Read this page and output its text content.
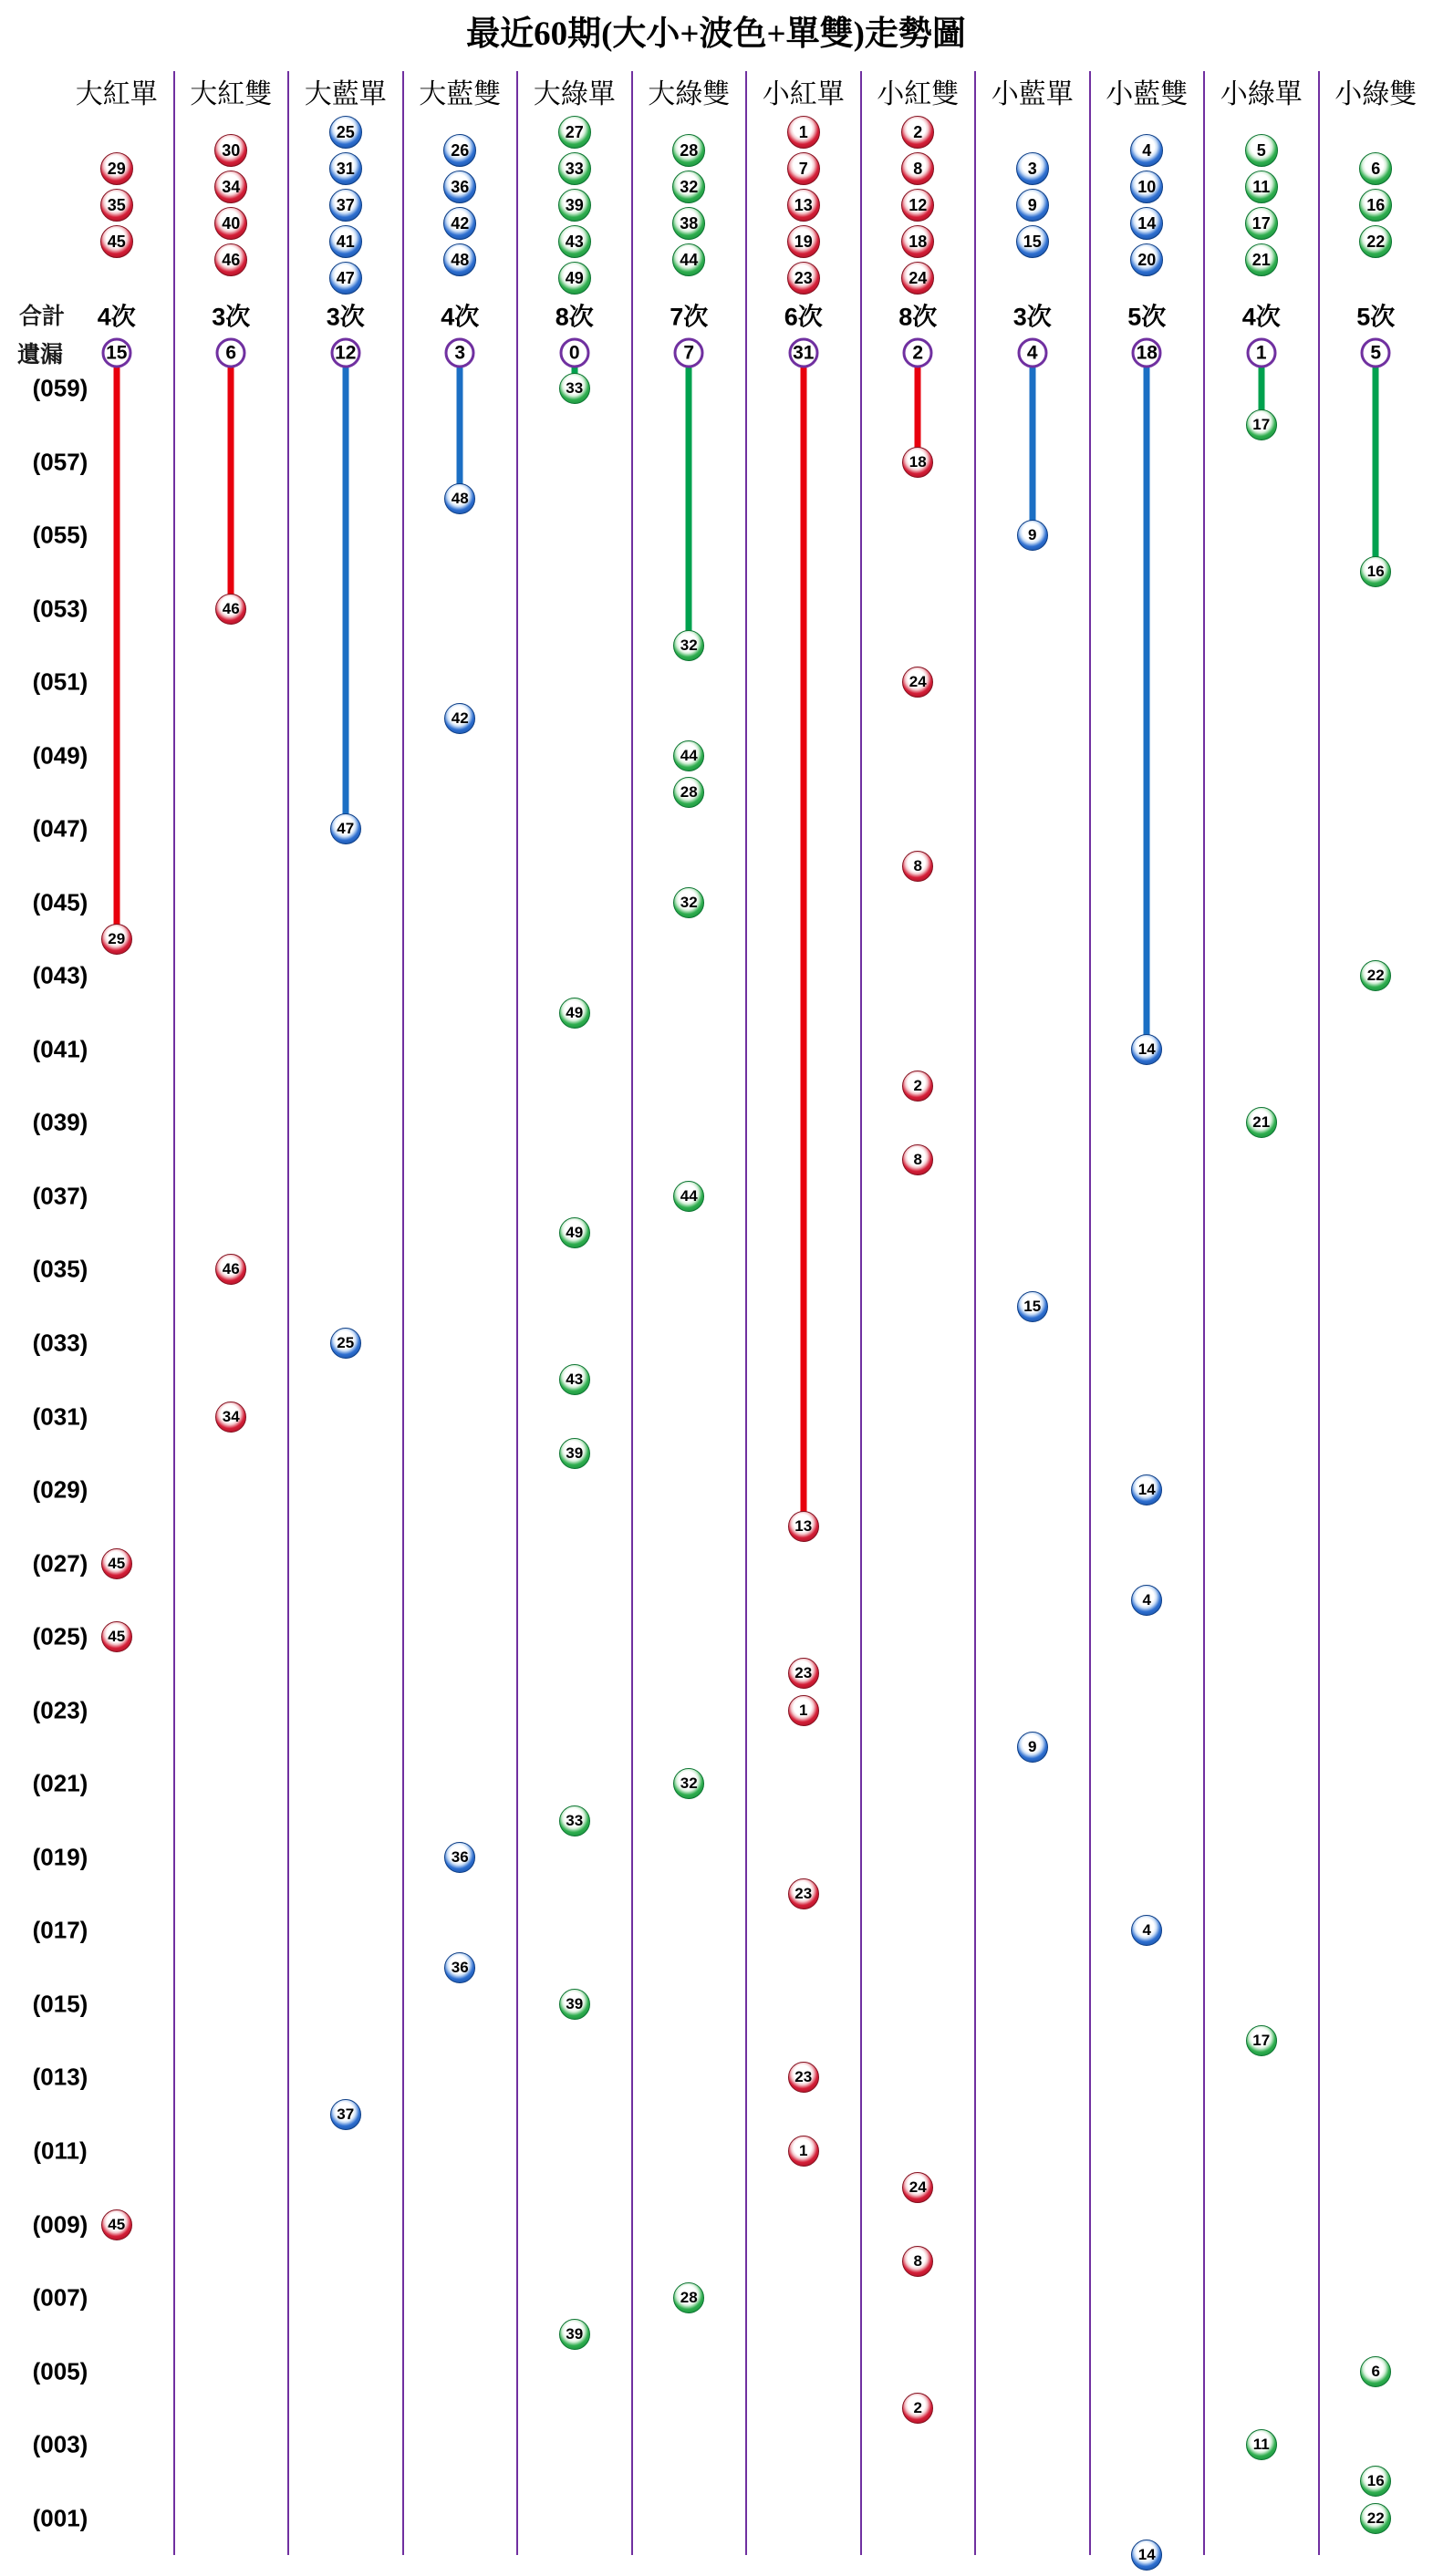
最近60期(大小+波色+單雙)走勢圖
合計
遺漏
(059)
(057)
(055)
(053)
(051)
(049)
(047)
(045)
(043)
(041)
(039)
(037)
(035)
(033)
(031)
(029)
(027)
(025)
(023)
(021)
(019)
(017)
(015)
(013)
(011)
(009)
(007)
(005)
(003)
(001)
大紅單
29
35
45
4次
15
29
45
45
45
大紅雙
30
34
40
46
3次
6
46
46
34
大藍單
25
31
37
41
47
3次
12
47
25
37
大藍雙
26
36
42
48
4次
3
48
42
36
36
大綠單
27
33
39
43
49
8次
0
33
49
49
43
39
33
39
39
大綠雙
28
32
38
44
7次
7
32
44
28
32
44
32
28
小紅單
1
7
13
19
23
6次
31
13
23
1
23
23
1
小紅雙
2
8
12
18
24
8次
2
18
24
8
2
8
24
8
2
小藍單
3
9
15
3次
4
9
15
9
小藍雙
4
10
14
20
5次
18
14
14
4
4
14
小綠單
5
11
17
21
4次
1
17
21
17
11
小綠雙
6
16
22
5次
5
16
22
6
16
22
